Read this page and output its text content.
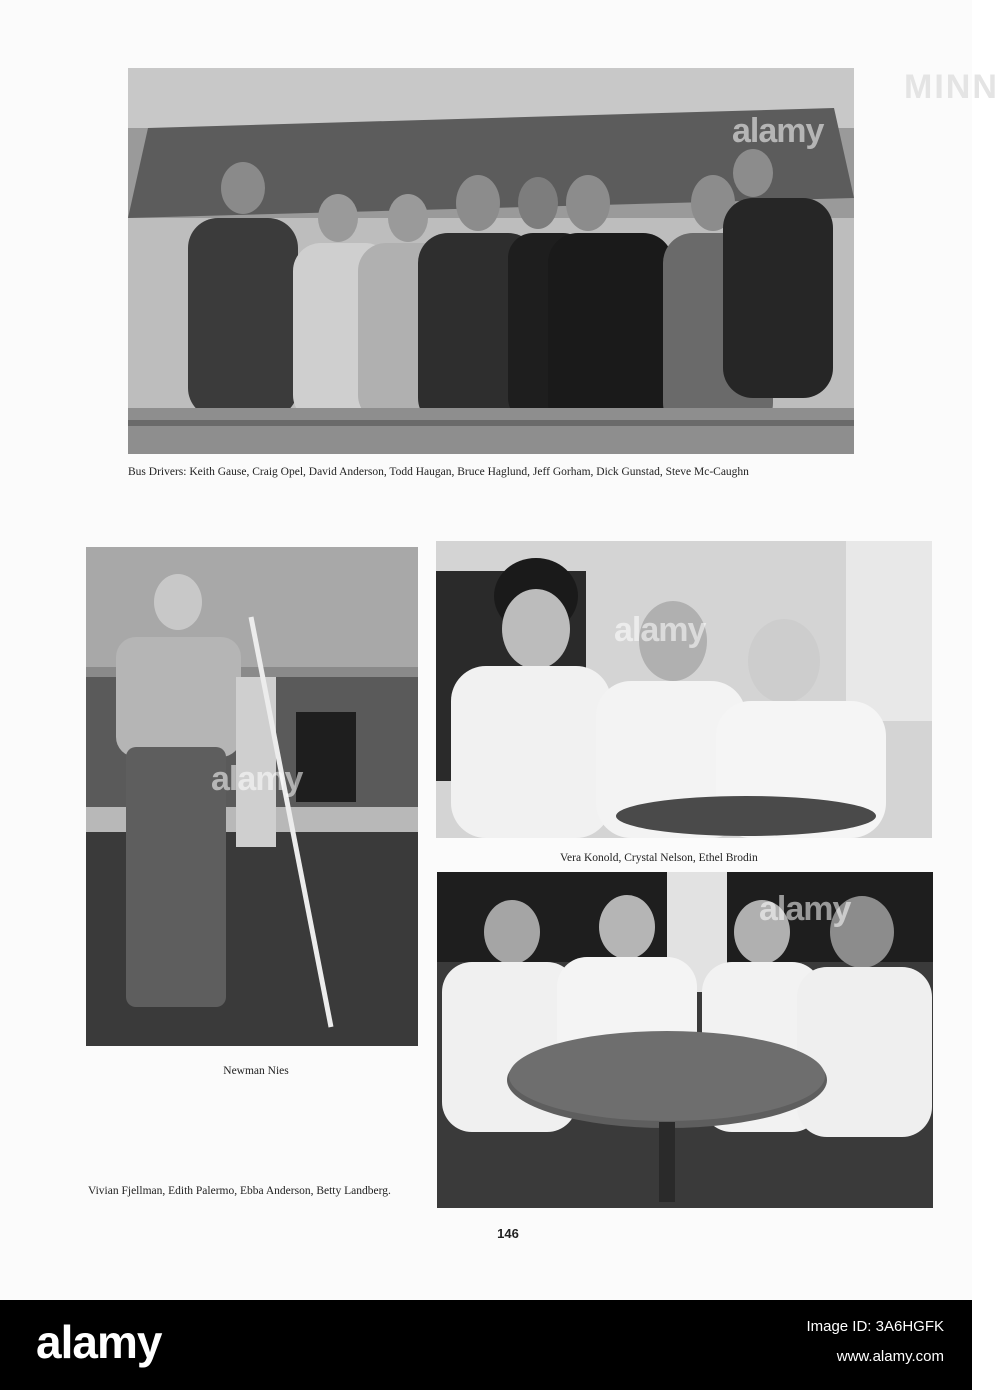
MINN
alamy
Bus Drivers: Keith Gause, Craig Opel, David Anderson, Todd Haugan, Bruce Haglund, Jeff Gorham, Dick Gunstad, Steve Mc-Caughn
alamy
Newman Nies
alamy
Vera Konold, Crystal Nelson, Ethel Brodin
alamy
Vivian Fjellman, Edith Palermo, Ebba Anderson, Betty Landberg.
146
alamy	Image ID: 3A6HGFK
www.alamy.com
